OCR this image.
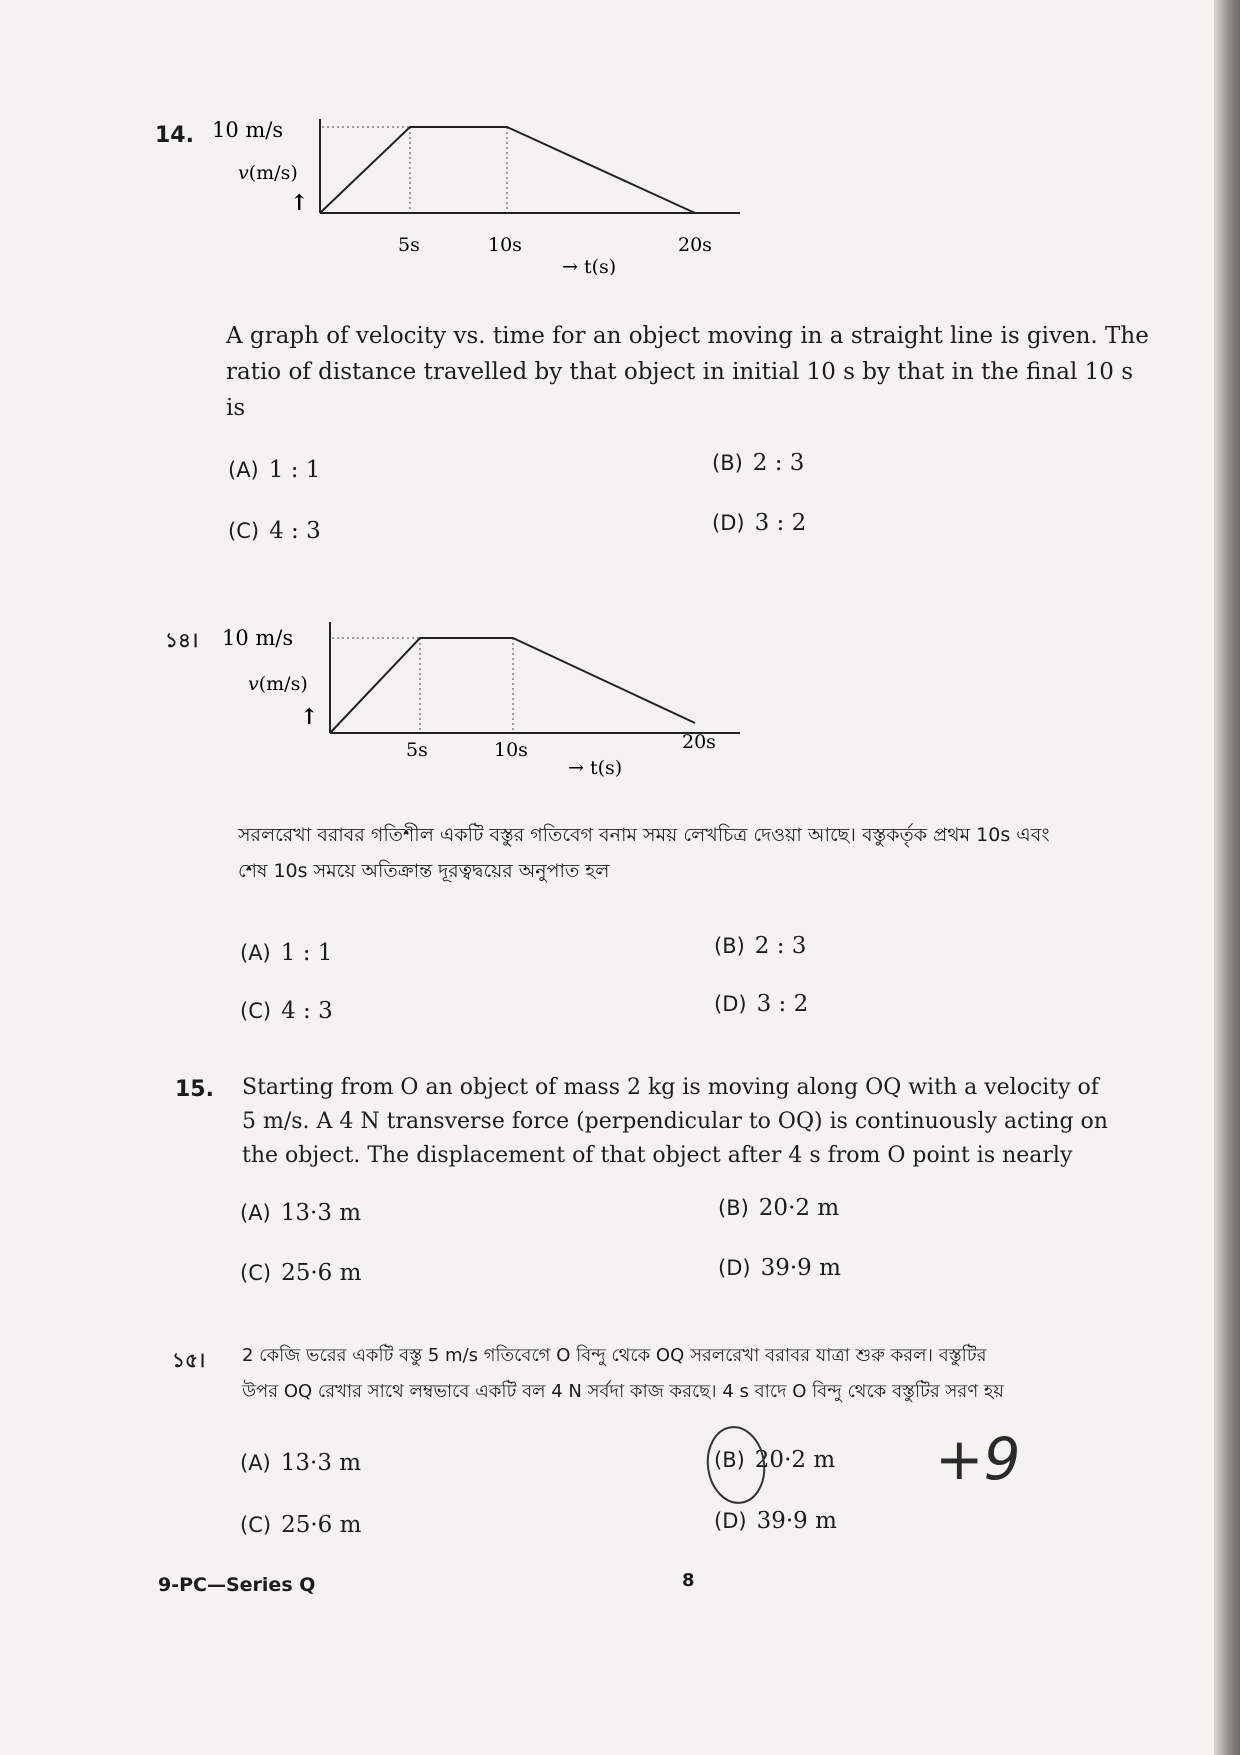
14. 10 m/s
𝑣(m/s)
↑
5s	10s
→ t(s)
20s
A graph of velocity vs. time for an object moving in a straight line is given. The
ratio of distance travelled by that object in initial 10 s by that in the final 10 s
is
(A) 1 : 1	(B) 2 : 3
(C) 4 : 3	(D) 3 : 2
১৪। 10 m/s
𝑣(m/s)
↑
5s	10s
→ t(s)
20s
সরলরেখা বরাবর গতিশীল একটি বস্তুর গতিবেগ বনাম সময় লেখচিত্র দেওয়া আছে। বস্তুকর্তৃক প্রথম 10s এবং
শেষ 10s সময়ে অতিক্রান্ত দূরত্বদ্বয়ের অনুপাত হল
(A) 1 : 1	(B) 2 : 3
(C) 4 : 3	(D) 3 : 2
15. Starting from O an object of mass 2 kg is moving along OQ with a velocity of
5 m/s. A 4 N transverse force (perpendicular to OQ) is continuously acting on
the object. The displacement of that object after 4 s from O point is nearly
(A) 13·3 m	(B) 20·2 m
(C) 25·6 m	(D) 39·9 m
১৫। 2 কেজি ভরের একটি বস্তু 5 m/s গতিবেগে O বিন্দু থেকে OQ সরলরেখা বরাবর যাত্রা শুরু করল। বস্তুটির
উপর OQ রেখার সাথে লম্বভাবে একটি বল 4 N সর্বদা কাজ করছে। 4 s বাদে O বিন্দু থেকে বস্তুটির সরণ হয়
(A) 13·3 m	(B) 20·2 m
(C) 25·6 m	(D) 39·9 m
+9
9-PC—Series Q	8
